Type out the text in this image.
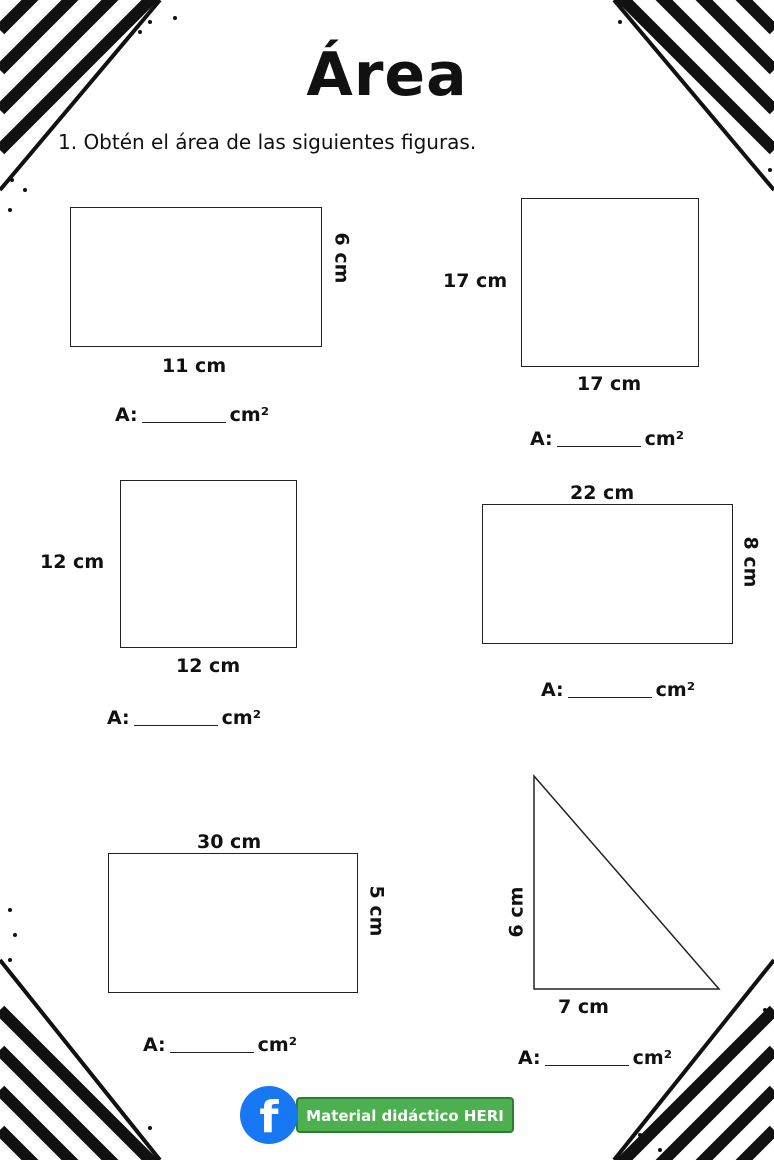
Área
1. Obtén el área de las siguientes figuras.
11 cm
6 cm
A:	cm²
17 cm
17 cm
A:	cm²
12 cm
12 cm
A:	cm²
22 cm
8 cm
A:	cm²
30 cm
5 cm
A:	cm²
6 cm
7 cm
A:	cm²
Material didáctico HERI
f
